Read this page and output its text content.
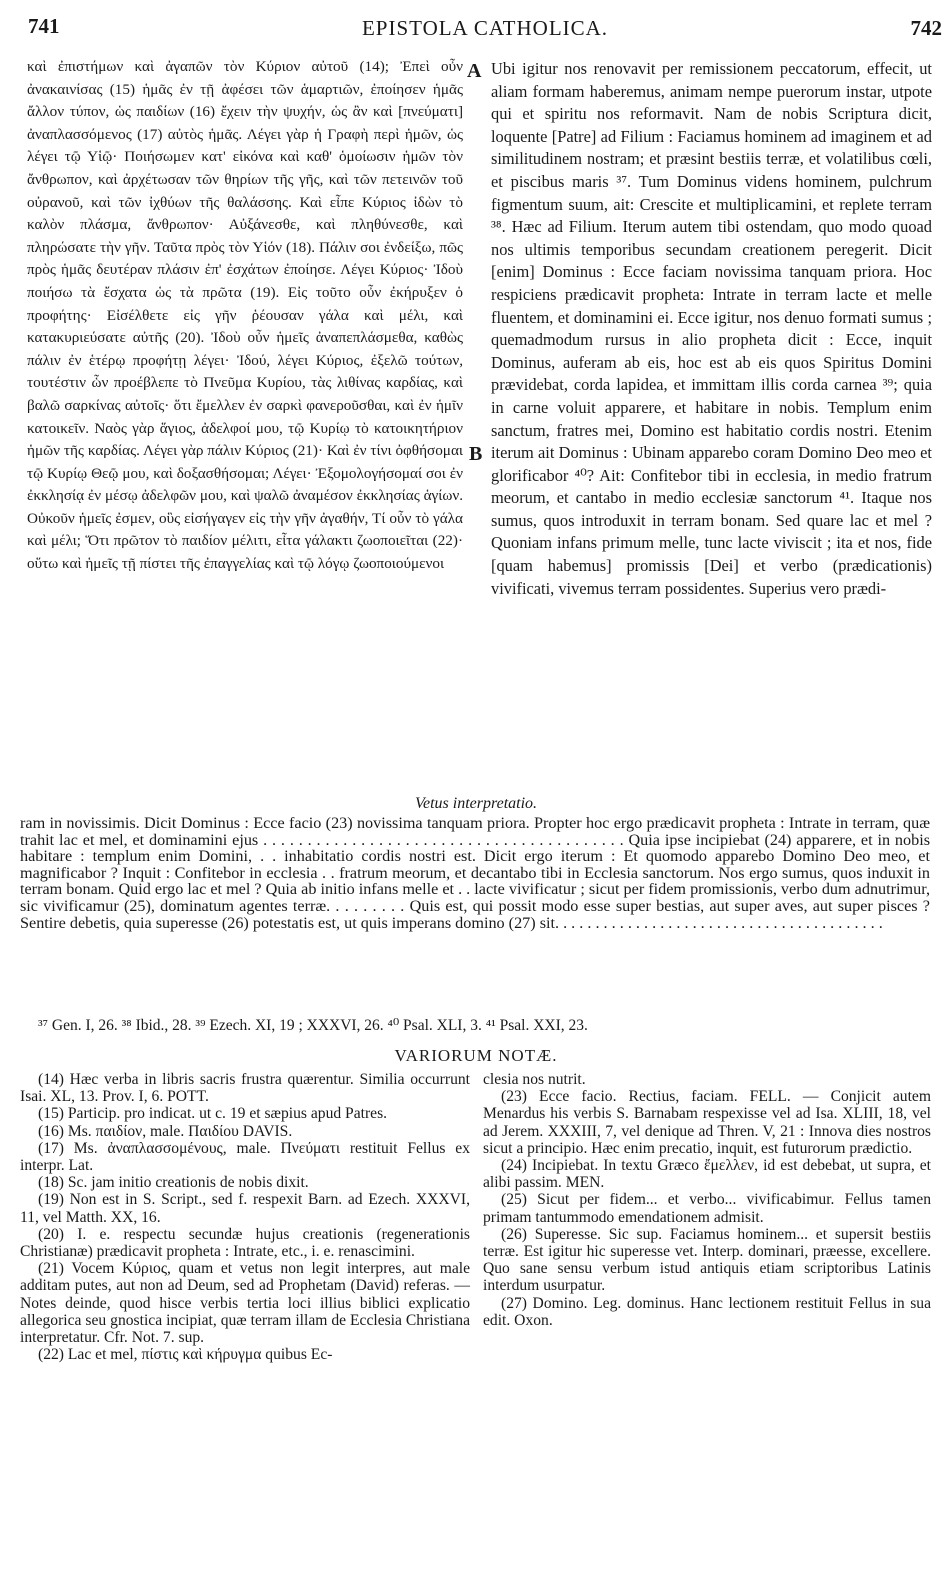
741	EPISTOLA CATHOLICA.	742

καὶ ἐπιστήμων καὶ ἀγαπῶν τὸν Κύριον αὐτοῦ (14); Ἐπεὶ οὖν ἀνακαινίσας (15) ἡμᾶς ἐν τῇ ἀφέσει τῶν ἁμαρτιῶν, ἐποίησεν ἡμᾶς ἄλλον τύπον, ὡς παιδίων (16) ἔχειν τὴν ψυχήν, ὡς ἂν καὶ [πνεύματι] ἀναπλασσόμενος (17) αὐτὸς ἡμᾶς. Λέγει γὰρ ἡ Γραφὴ περὶ ἡμῶν, ὡς λέγει τῷ Υἱῷ· Ποιήσωμεν κατ' εἰκόνα καὶ καθ' ὁμοίωσιν ἡμῶν τὸν ἄνθρωπον, καὶ ἀρχέτωσαν τῶν θηρίων τῆς γῆς, καὶ τῶν πετεινῶν τοῦ οὐρανοῦ, καὶ τῶν ἰχθύων τῆς θαλάσσης. Καὶ εἶπε Κύριος ἰδὼν τὸ καλὸν πλάσμα, ἄνθρωπον· Αὐξάνεσθε, καὶ πληθύνεσθε, καὶ πληρώσατε τὴν γῆν. Ταῦτα πρὸς τὸν Υἱόν (18). Πάλιν σοι ἐνδείξω, πῶς πρὸς ἡμᾶς δευτέραν πλάσιν ἐπ' ἐσχάτων ἐποίησε. Λέγει Κύριος· Ἰδοὺ ποιήσω τὰ ἔσχατα ὡς τὰ πρῶτα (19). Εἰς τοῦτο οὖν ἐκήρυξεν ὁ προφήτης· Εἰσέλθετε εἰς γῆν ῥέουσαν γάλα καὶ μέλι, καὶ κατακυριεύσατε αὐτῆς (20). Ἰδοὺ οὖν ἡμεῖς ἀναπεπλάσμεθα, καθὼς πάλιν ἐν ἑτέρῳ προφήτῃ λέγει· Ἰδού, λέγει Κύριος, ἐξελῶ τούτων, τουτέστιν ὧν προέβλεπε τὸ Πνεῦμα Κυρίου, τὰς λιθίνας καρδίας, καὶ βαλῶ σαρκίνας αὐτοῖς· ὅτι ἔμελλεν ἐν σαρκὶ φανεροῦσθαι, καὶ ἐν ἡμῖν κατοικεῖν. Ναὸς γὰρ ἅγιος, ἀδελφοί μου, τῷ Κυρίῳ τὸ κατοικητήριον ἡμῶν τῆς καρδίας. Λέγει γὰρ πάλιν Κύριος (21)· Καὶ ἐν τίνι ὀφθήσομαι τῷ Κυρίῳ Θεῷ μου, καὶ δοξασθήσομαι; Λέγει· Ἐξομολογήσομαί σοι ἐν ἐκκλησίᾳ ἐν μέσῳ ἀδελφῶν μου, καὶ ψαλῶ ἀναμέσον ἐκκλησίας ἁγίων. Οὐκοῦν ἡμεῖς ἐσμεν, οὓς εἰσήγαγεν εἰς τὴν γῆν ἀγαθήν, Τί οὖν τὸ γάλα καὶ μέλι; Ὅτι πρῶτον τὸ παιδίον μέλιτι, εἶτα γάλακτι ζωοποιεῖται (22)· οὕτω καὶ ἡμεῖς τῇ πίστει τῆς ἐπαγγελίας καὶ τῷ λόγῳ ζωοποιούμενοι

A
B

Ubi igitur nos renovavit per remissionem peccatorum, effecit, ut aliam formam haberemus, animam nempe puerorum instar, utpote qui et spiritu nos reformavit. Nam de nobis Scriptura dicit, loquente [Patre] ad Filium : Faciamus hominem ad imaginem et ad similitudinem nostram; et præsint bestiis terræ, et volatilibus cœli, et piscibus maris ³⁷. Tum Dominus videns hominem, pulchrum figmentum suum, ait: Crescite et multiplicamini, et replete terram ³⁸. Hæc ad Filium. Iterum autem tibi ostendam, quo modo quoad nos ultimis temporibus secundam creationem peregerit. Dicit [enim] Dominus : Ecce faciam novissima tanquam priora. Hoc respiciens prædicavit propheta: Intrate in terram lacte et melle fluentem, et dominamini ei. Ecce igitur, nos denuo formati sumus ; quemadmodum rursus in alio propheta dicit : Ecce, inquit Dominus, auferam ab eis, hoc est ab eis quos Spiritus Domini prævidebat, corda lapidea, et immittam illis corda carnea ³⁹; quia in carne voluit apparere, et habitare in nobis. Templum enim sanctum, fratres mei, Domino est habitatio cordis nostri. Etenim iterum ait Dominus : Ubinam apparebo coram Domino Deo meo et glorificabor ⁴⁰? Ait: Confitebor tibi in ecclesia, in medio fratrum meorum, et cantabo in medio ecclesiæ sanctorum ⁴¹. Itaque nos sumus, quos introduxit in terram bonam. Sed quare lac et mel ? Quoniam infans primum melle, tunc lacte viviscit ; ita et nos, fide [quam habemus] promissis [Dei] et verbo (prædicationis) vivificati, vivemus terram possidentes. Superius vero prædi-

Vetus interpretatio.

ram in novissimis. Dicit Dominus : Ecce facio (23) novissima tanquam priora. Propter hoc ergo prædicavit propheta : Intrate in terram, quæ trahit lac et mel, et dominamini ejus . . . . . . . . . . . . . . . . . . . . . . . . . . . . . . . . . . . . . . . . . Quia ipse incipiebat (24) apparere, et in nobis habitare : templum enim Domini, . . inhabitatio cordis nostri est. Dicit ergo iterum : Et quomodo apparebo Domino Deo meo, et magnificabor ? Inquit : Confitebor in ecclesia . . fratrum meorum, et decantabo tibi in Ecclesia sanctorum. Nos ergo sumus, quos induxit in terram bonam. Quid ergo lac et mel ? Quia ab initio infans melle et . . lacte vivificatur ; sicut per fidem promissionis, verbo dum adnutrimur, sic vivificamur (25), dominatum agentes terræ. . . . . . . . . Quis est, qui possit modo esse super bestias, aut super aves, aut super pisces ? Sentire debetis, quia superesse (26) potestatis est, ut quis imperans domino (27) sit. . . . . . . . . . . . . . . . . . . . . . . . . . . . . . . . . . . . . . . . .

³⁷ Gen. I, 26. ³⁸ Ibid., 28. ³⁹ Ezech. XI, 19 ; XXXVI, 26. ⁴⁰ Psal. XLI, 3. ⁴¹ Psal. XXI, 23.
VARIORUM NOTÆ.

(14) Hæc verba in libris sacris frustra quærentur. Similia occurrunt Isai. XL, 13. Prov. I, 6. POTT.

(15) Particip. pro indicat. ut c. 19 et sæpius apud Patres.

(16) Ms. παιδίον, male. Παιδίου DAVIS.

(17) Ms. ἀναπλασσομένους, male. Πνεύματι restituit Fellus ex interpr. Lat.

(18) Sc. jam initio creationis de nobis dixit.

(19) Non est in S. Script., sed f. respexit Barn. ad Ezech. XXXVI, 11, vel Matth. XX, 16.

(20) I. e. respectu secundæ hujus creationis (regenerationis Christianæ) prædicavit propheta : Intrate, etc., i. e. renascimini.

(21) Vocem Κύριος, quam et vetus non legit interpres, aut male additam putes, aut non ad Deum, sed ad Prophetam (David) referas. — Notes deinde, quod hisce verbis tertia loci illius biblici explicatio allegorica seu gnostica incipiat, quæ terram illam de Ecclesia Christiana interpretatur. Cfr. Not. 7. sup.

(22) Lac et mel, πίστις καὶ κήρυγμα quibus Ec-

clesia nos nutrit.

(23) Ecce facio. Rectius, faciam. FELL. — Conjicit autem Menardus his verbis S. Barnabam respexisse vel ad Isa. XLIII, 18, vel ad Jerem. XXXIII, 7, vel denique ad Thren. V, 21 : Innova dies nostros sicut a principio. Hæc enim precatio, inquit, est futurorum prædictio.

(24) Incipiebat. In textu Græco ἔμελλεν, id est debebat, ut supra, et alibi passim. MEN.

(25) Sicut per fidem... et verbo... vivificabimur. Fellus tamen primam tantummodo emendationem admisit.

(26) Superesse. Sic sup. Faciamus hominem... et supersit bestiis terræ. Est igitur hic superesse vet. Interp. dominari, præesse, excellere. Quo sane sensu verbum istud antiquis etiam scriptoribus Latinis interdum usurpatur.

(27) Domino. Leg. dominus. Hanc lectionem restituit Fellus in sua edit. Oxon.
